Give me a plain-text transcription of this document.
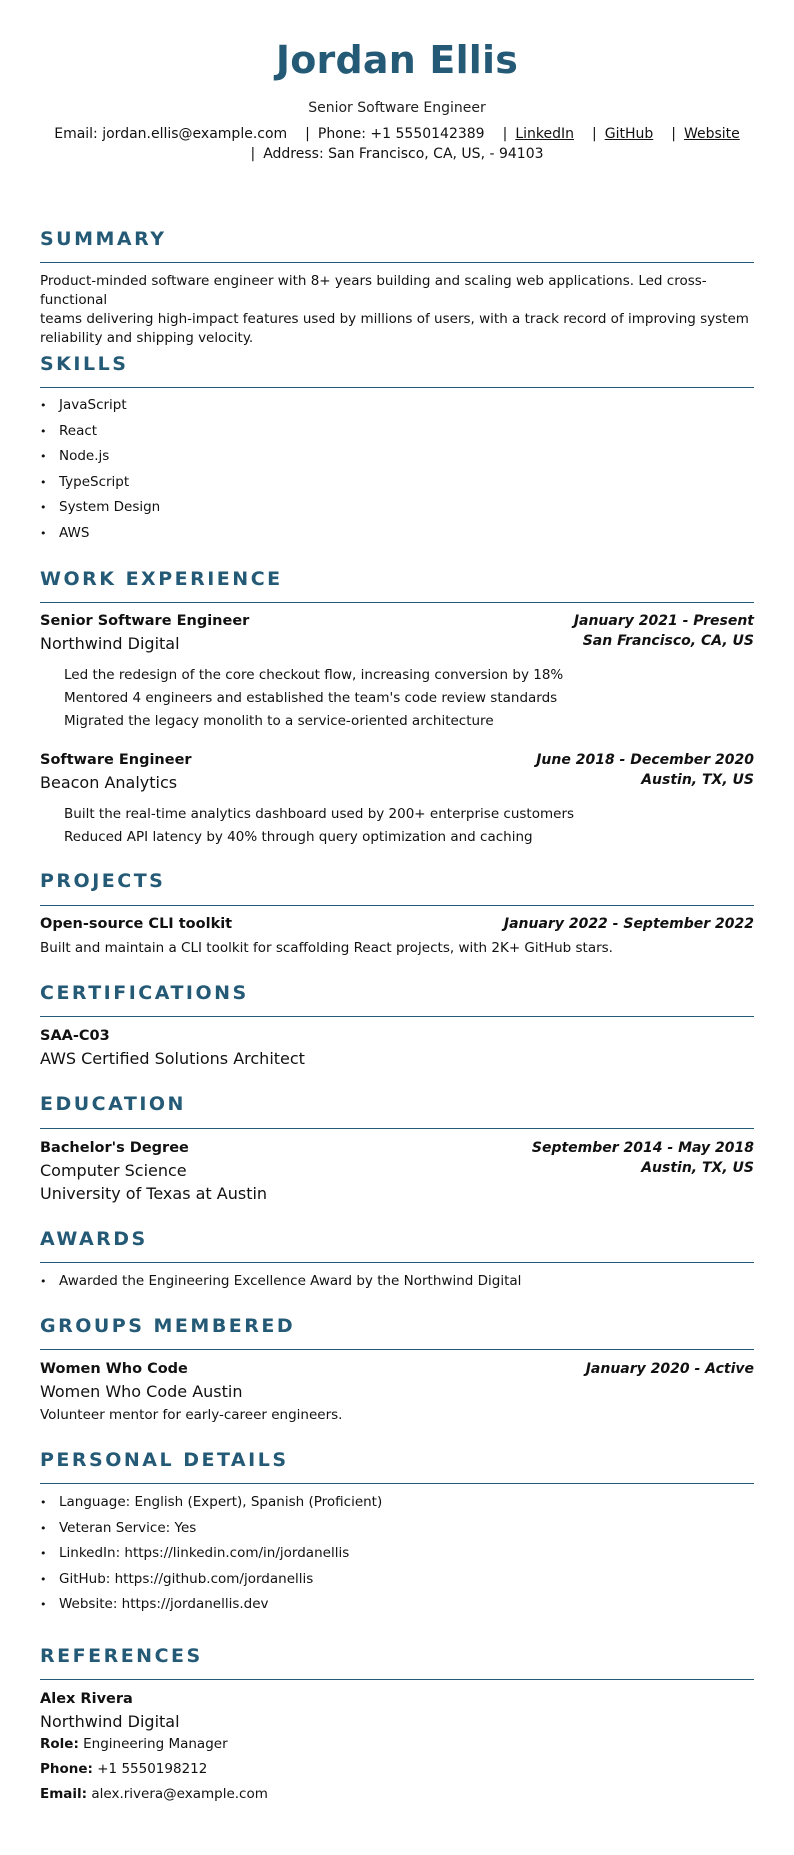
Jordan Ellis
Senior Software Engineer
Email: jordan.ellis@example.com | Phone: +1 5550142389 | LinkedIn | GitHub | Website
| Address: San Francisco, CA, US, - 94103
SUMMARY
Product-minded software engineer with 8+ years building and scaling web applications. Led cross-functional
teams delivering high-impact features used by millions of users, with a track record of improving system
reliability and shipping velocity.
SKILLS
• JavaScript
• React
• Node.js
• TypeScript
• System Design
• AWS
WORK EXPERIENCE
Senior Software Engineer	January 2021 - Present
Northwind Digital	San Francisco, CA, US
Led the redesign of the core checkout flow, increasing conversion by 18%
Mentored 4 engineers and established the team's code review standards
Migrated the legacy monolith to a service-oriented architecture
Software Engineer	June 2018 - December 2020
Beacon Analytics	Austin, TX, US
Built the real-time analytics dashboard used by 200+ enterprise customers
Reduced API latency by 40% through query optimization and caching
PROJECTS
Open-source CLI toolkit	January 2022 - September 2022
Built and maintain a CLI toolkit for scaffolding React projects, with 2K+ GitHub stars.
CERTIFICATIONS
SAA-C03
AWS Certified Solutions Architect
EDUCATION
Bachelor's Degree	September 2014 - May 2018
Computer Science	Austin, TX, US
University of Texas at Austin
AWARDS
• Awarded the Engineering Excellence Award by the Northwind Digital
GROUPS MEMBERED
Women Who Code	January 2020 - Active
Women Who Code Austin
Volunteer mentor for early-career engineers.
PERSONAL DETAILS
• Language: English (Expert), Spanish (Proficient)
• Veteran Service: Yes
• LinkedIn: https://linkedin.com/in/jordanellis
• GitHub: https://github.com/jordanellis
• Website: https://jordanellis.dev
REFERENCES
Alex Rivera
Northwind Digital
Role: Engineering Manager
Phone: +1 5550198212
Email: alex.rivera@example.com
